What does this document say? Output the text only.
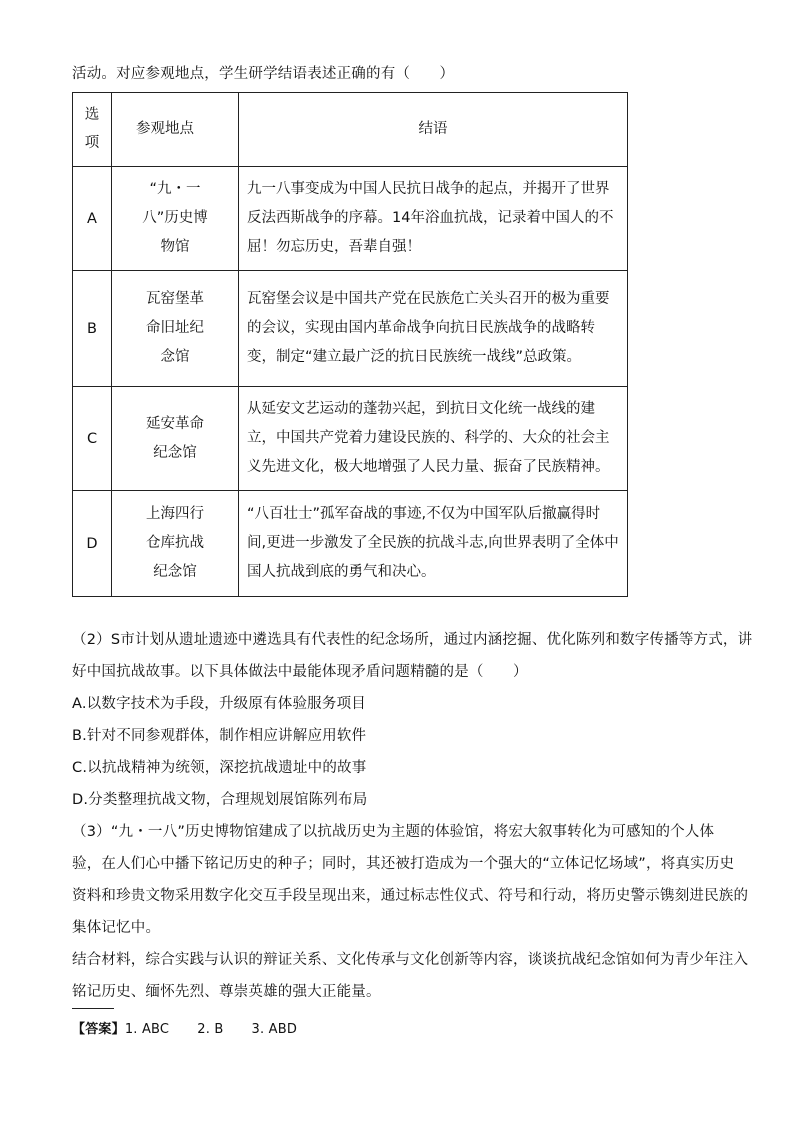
活动。对应参观地点，学生研学结语表述正确的有（　　）
选项	参观地点	结语
A	“九・一八”历史博物馆	九一八事变成为中国人民抗日战争的起点，并揭开了世界反法西斯战争的序幕。14年浴血抗战，记录着中国人的不屈！勿忘历史，吾辈自强！
B	瓦窑堡革命旧址纪念馆	瓦窑堡会议是中国共产党在民族危亡关头召开的极为重要的会议，实现由国内革命战争向抗日民族战争的战略转变，制定“建立最广泛的抗日民族统一战线”总政策。
C	延安革命纪念馆	从延安文艺运动的蓬勃兴起，到抗日文化统一战线的建立，中国共产党着力建设民族的、科学的、大众的社会主义先进文化，极大地增强了人民力量、振奋了民族精神。
D	上海四行仓库抗战纪念馆	“八百壮士”孤军奋战的事迹,不仅为中国军队后撤赢得时间,更进一步激发了全民族的抗战斗志,向世界表明了全体中国人抗战到底的勇气和决心。
（2）S市计划从遗址遗迹中遴选具有代表性的纪念场所，通过内涵挖掘、优化陈列和数字传播等方式，讲
好中国抗战故事。以下具体做法中最能体现矛盾问题精髓的是（　　）
A.以数字技术为手段，升级原有体验服务项目
B.针对不同参观群体，制作相应讲解应用软件
C.以抗战精神为统领，深挖抗战遗址中的故事
D.分类整理抗战文物，合理规划展馆陈列布局
（3）“九・一八”历史博物馆建成了以抗战历史为主题的体验馆，将宏大叙事转化为可感知的个人体
验，在人们心中播下铭记历史的种子；同时，其还被打造成为一个强大的“立体记忆场域”，将真实历史
资料和珍贵文物采用数字化交互手段呈现出来，通过标志性仪式、符号和行动，将历史警示镌刻进民族的
集体记忆中。
结合材料，综合实践与认识的辩证关系、文化传承与文化创新等内容，谈谈抗战纪念馆如何为青少年注入
铭记历史、缅怀先烈、尊崇英雄的强大正能量。
【答案】1. ABC 2. B 3. ABD
